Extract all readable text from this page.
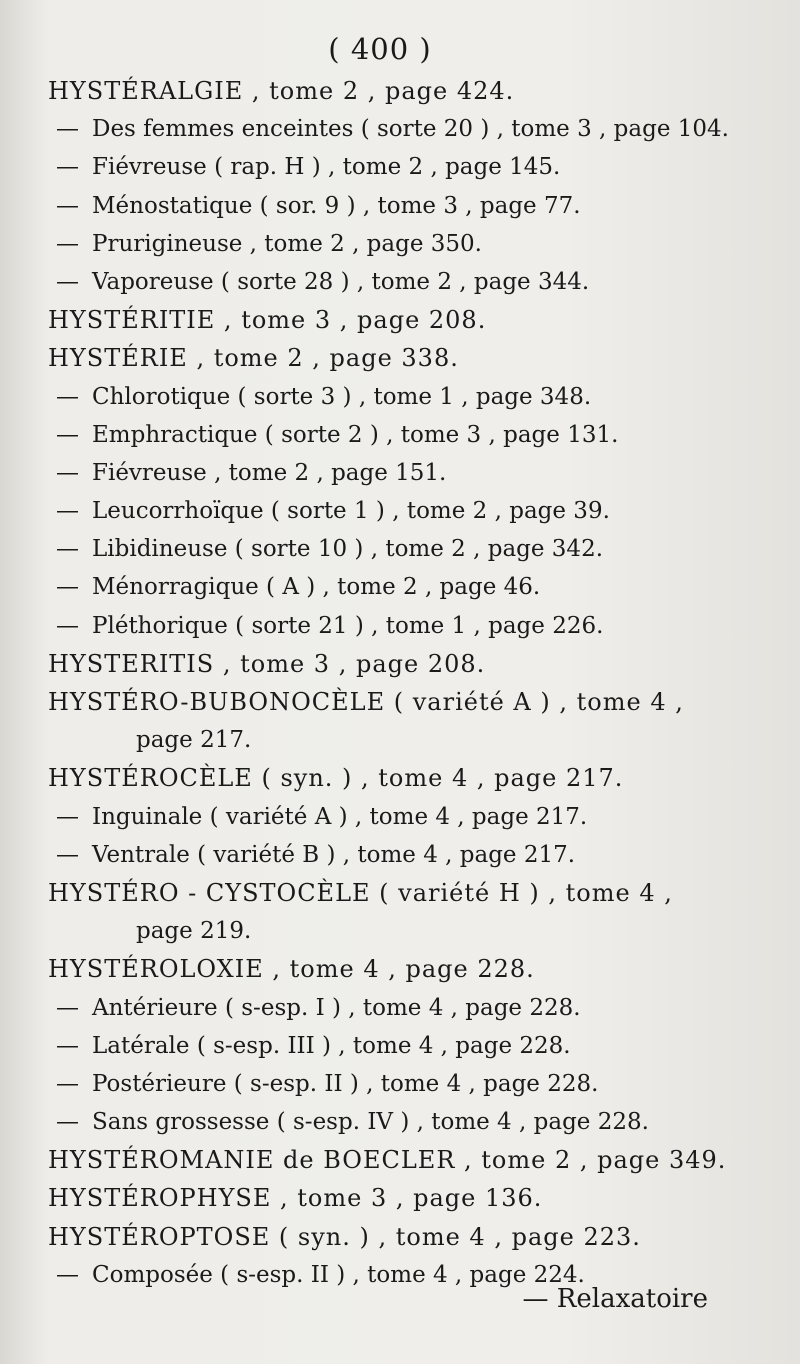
( 400 )
HYSTÉRALGIE , tome 2 , page 424.
— Des femmes enceintes ( sorte 20 ) , tome 3 , page 104.
— Fiévreuse ( rap. H ) , tome 2 , page 145.
— Ménostatique ( sor. 9 ) , tome 3 , page 77.
— Prurigineuse , tome 2 , page 350.
— Vaporeuse ( sorte 28 ) , tome 2 , page 344.
HYSTÉRITIE , tome 3 , page 208.
HYSTÉRIE , tome 2 , page 338.
— Chlorotique ( sorte 3 ) , tome 1 , page 348.
— Emphractique ( sorte 2 ) , tome 3 , page 131.
— Fiévreuse , tome 2 , page 151.
— Leucorrhoïque ( sorte 1 ) , tome 2 , page 39.
— Libidineuse ( sorte 10 ) , tome 2 , page 342.
— Ménorragique ( A ) , tome 2 , page 46.
— Pléthorique ( sorte 21 ) , tome 1 , page 226.
HYSTERITIS , tome 3 , page 208.
HYSTÉRO-BUBONOCÈLE ( variété A ) , tome 4 ,
page 217.
HYSTÉROCÈLE ( syn. ) , tome 4 , page 217.
— Inguinale ( variété A ) , tome 4 , page 217.
— Ventrale ( variété B ) , tome 4 , page 217.
HYSTÉRO - CYSTOCÈLE ( variété H ) , tome 4 ,
page 219.
HYSTÉROLOXIE , tome 4 , page 228.
— Antérieure ( s-esp. I ) , tome 4 , page 228.
— Latérale ( s-esp. III ) , tome 4 , page 228.
— Postérieure ( s-esp. II ) , tome 4 , page 228.
— Sans grossesse ( s-esp. IV ) , tome 4 , page 228.
HYSTÉROMANIE de BOECLER , tome 2 , page 349.
HYSTÉROPHYSE , tome 3 , page 136.
HYSTÉROPTOSE ( syn. ) , tome 4 , page 223.
— Composée ( s-esp. II ) , tome 4 , page 224.
— Relaxatoire
